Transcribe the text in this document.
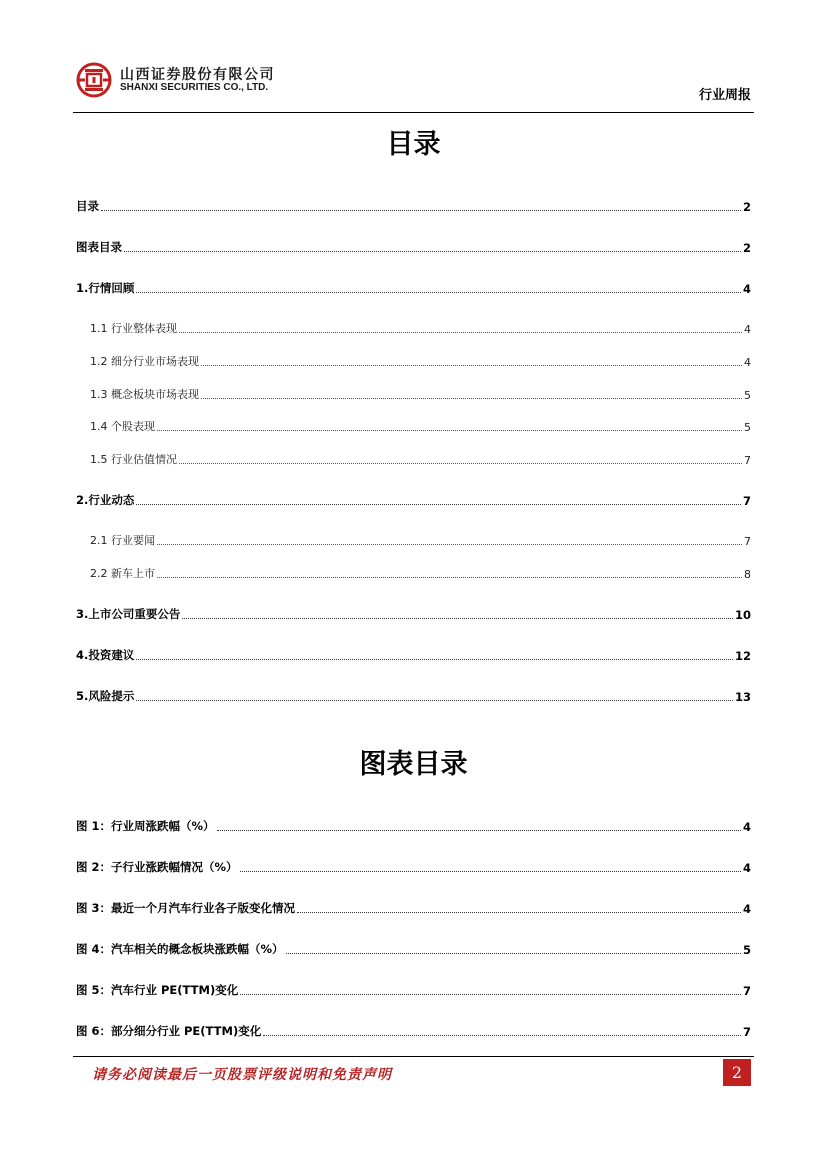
山西证券股份有限公司
SHANXI SECURITIES CO., LTD.
行业周报
目录
目录	2
图表目录	2
1.行情回顾	4
1.1 行业整体表现	4
1.2 细分行业市场表现	4
1.3 概念板块市场表现	5
1.4 个股表现	5
1.5 行业估值情况	7
2.行业动态	7
2.1 行业要闻	7
2.2 新车上市	8
3.上市公司重要公告	10
4.投资建议	12
5.风险提示	13
图表目录
图 1：行业周涨跌幅（%）	4
图 2：子行业涨跌幅情况（%）	4
图 3：最近一个月汽车行业各子版变化情况	4
图 4：汽车相关的概念板块涨跌幅（%）	5
图 5：汽车行业 PE(TTM)变化	7
图 6：部分细分行业 PE(TTM)变化	7
请务必阅读最后一页股票评级说明和免责声明	2
